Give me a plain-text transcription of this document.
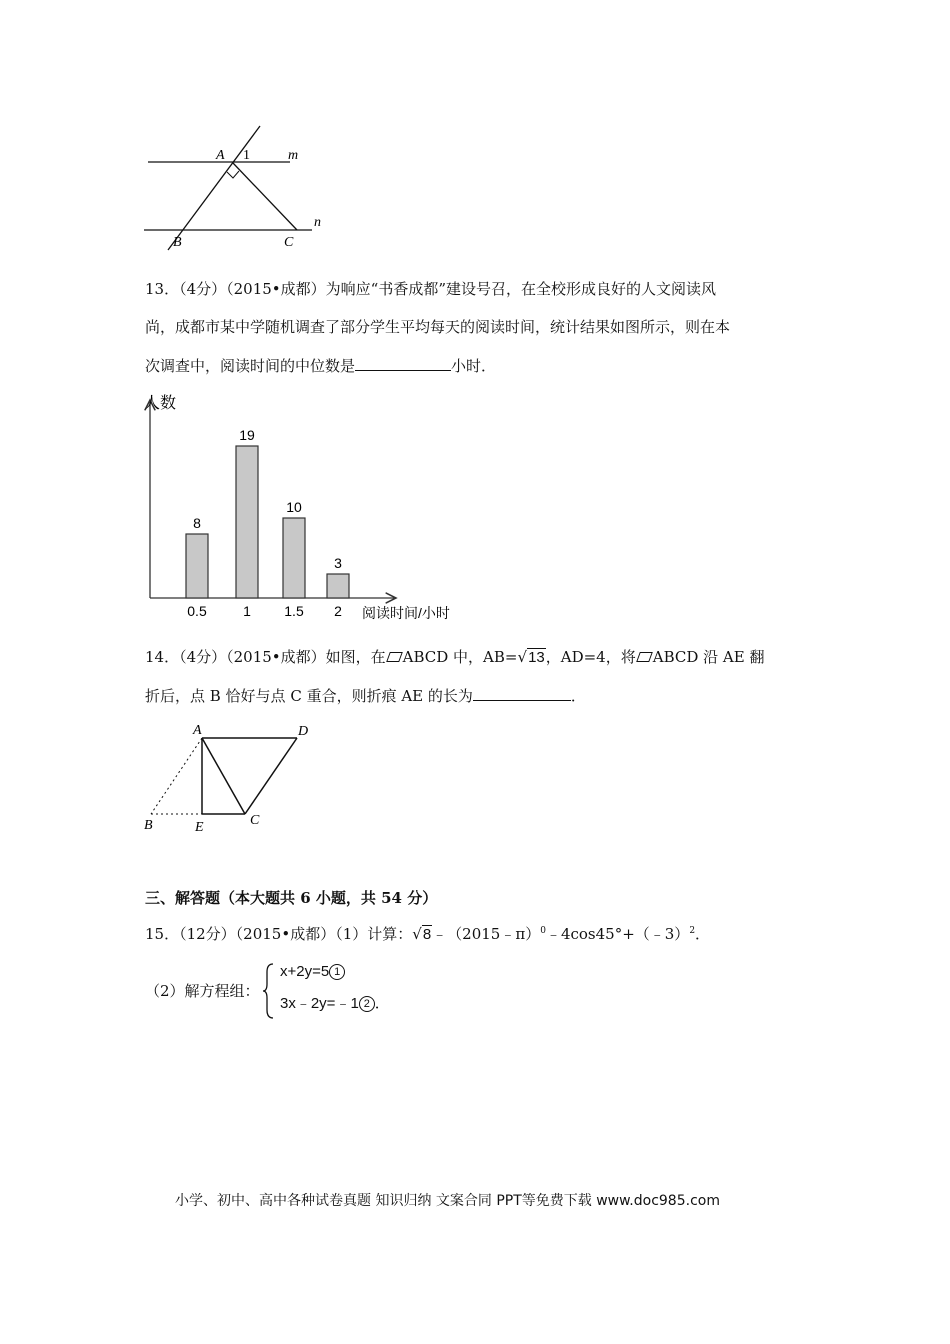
A 1	m
n
B	C
13．（4分）（2015•成都）为响应“书香成都”建设号召，在全校形成良好的人文阅读风
尚，成都市某中学随机调查了部分学生平均每天的阅读时间，统计结果如图所示，则在本
次调查中，阅读时间的中位数是	小时．
人数
阅读时间/小时
8
0.5
19
1
10
1.5
3
2
14．（4分）（2015•成都）如图，在 ABCD 中，AB=√13，AD=4，将 ABCD 沿 AE 翻
折后，点 B 恰好与点 C 重合，则折痕 AE 的长为	．
A	D
B	E	C
三、解答题（本大题共 6 小题，共 54 分）
15．（12分）（2015•成都）（1）计算：√8﹣（2015﹣π）$^0$﹣4cos45°+（﹣3）$^2$．
（2）解方程组：
x+2y=5 1
3x﹣2y=﹣1 2 ．
小学、初中、高中各种试卷真题 知识归纳 文案合同 PPT等免费下载 www.doc985.com
